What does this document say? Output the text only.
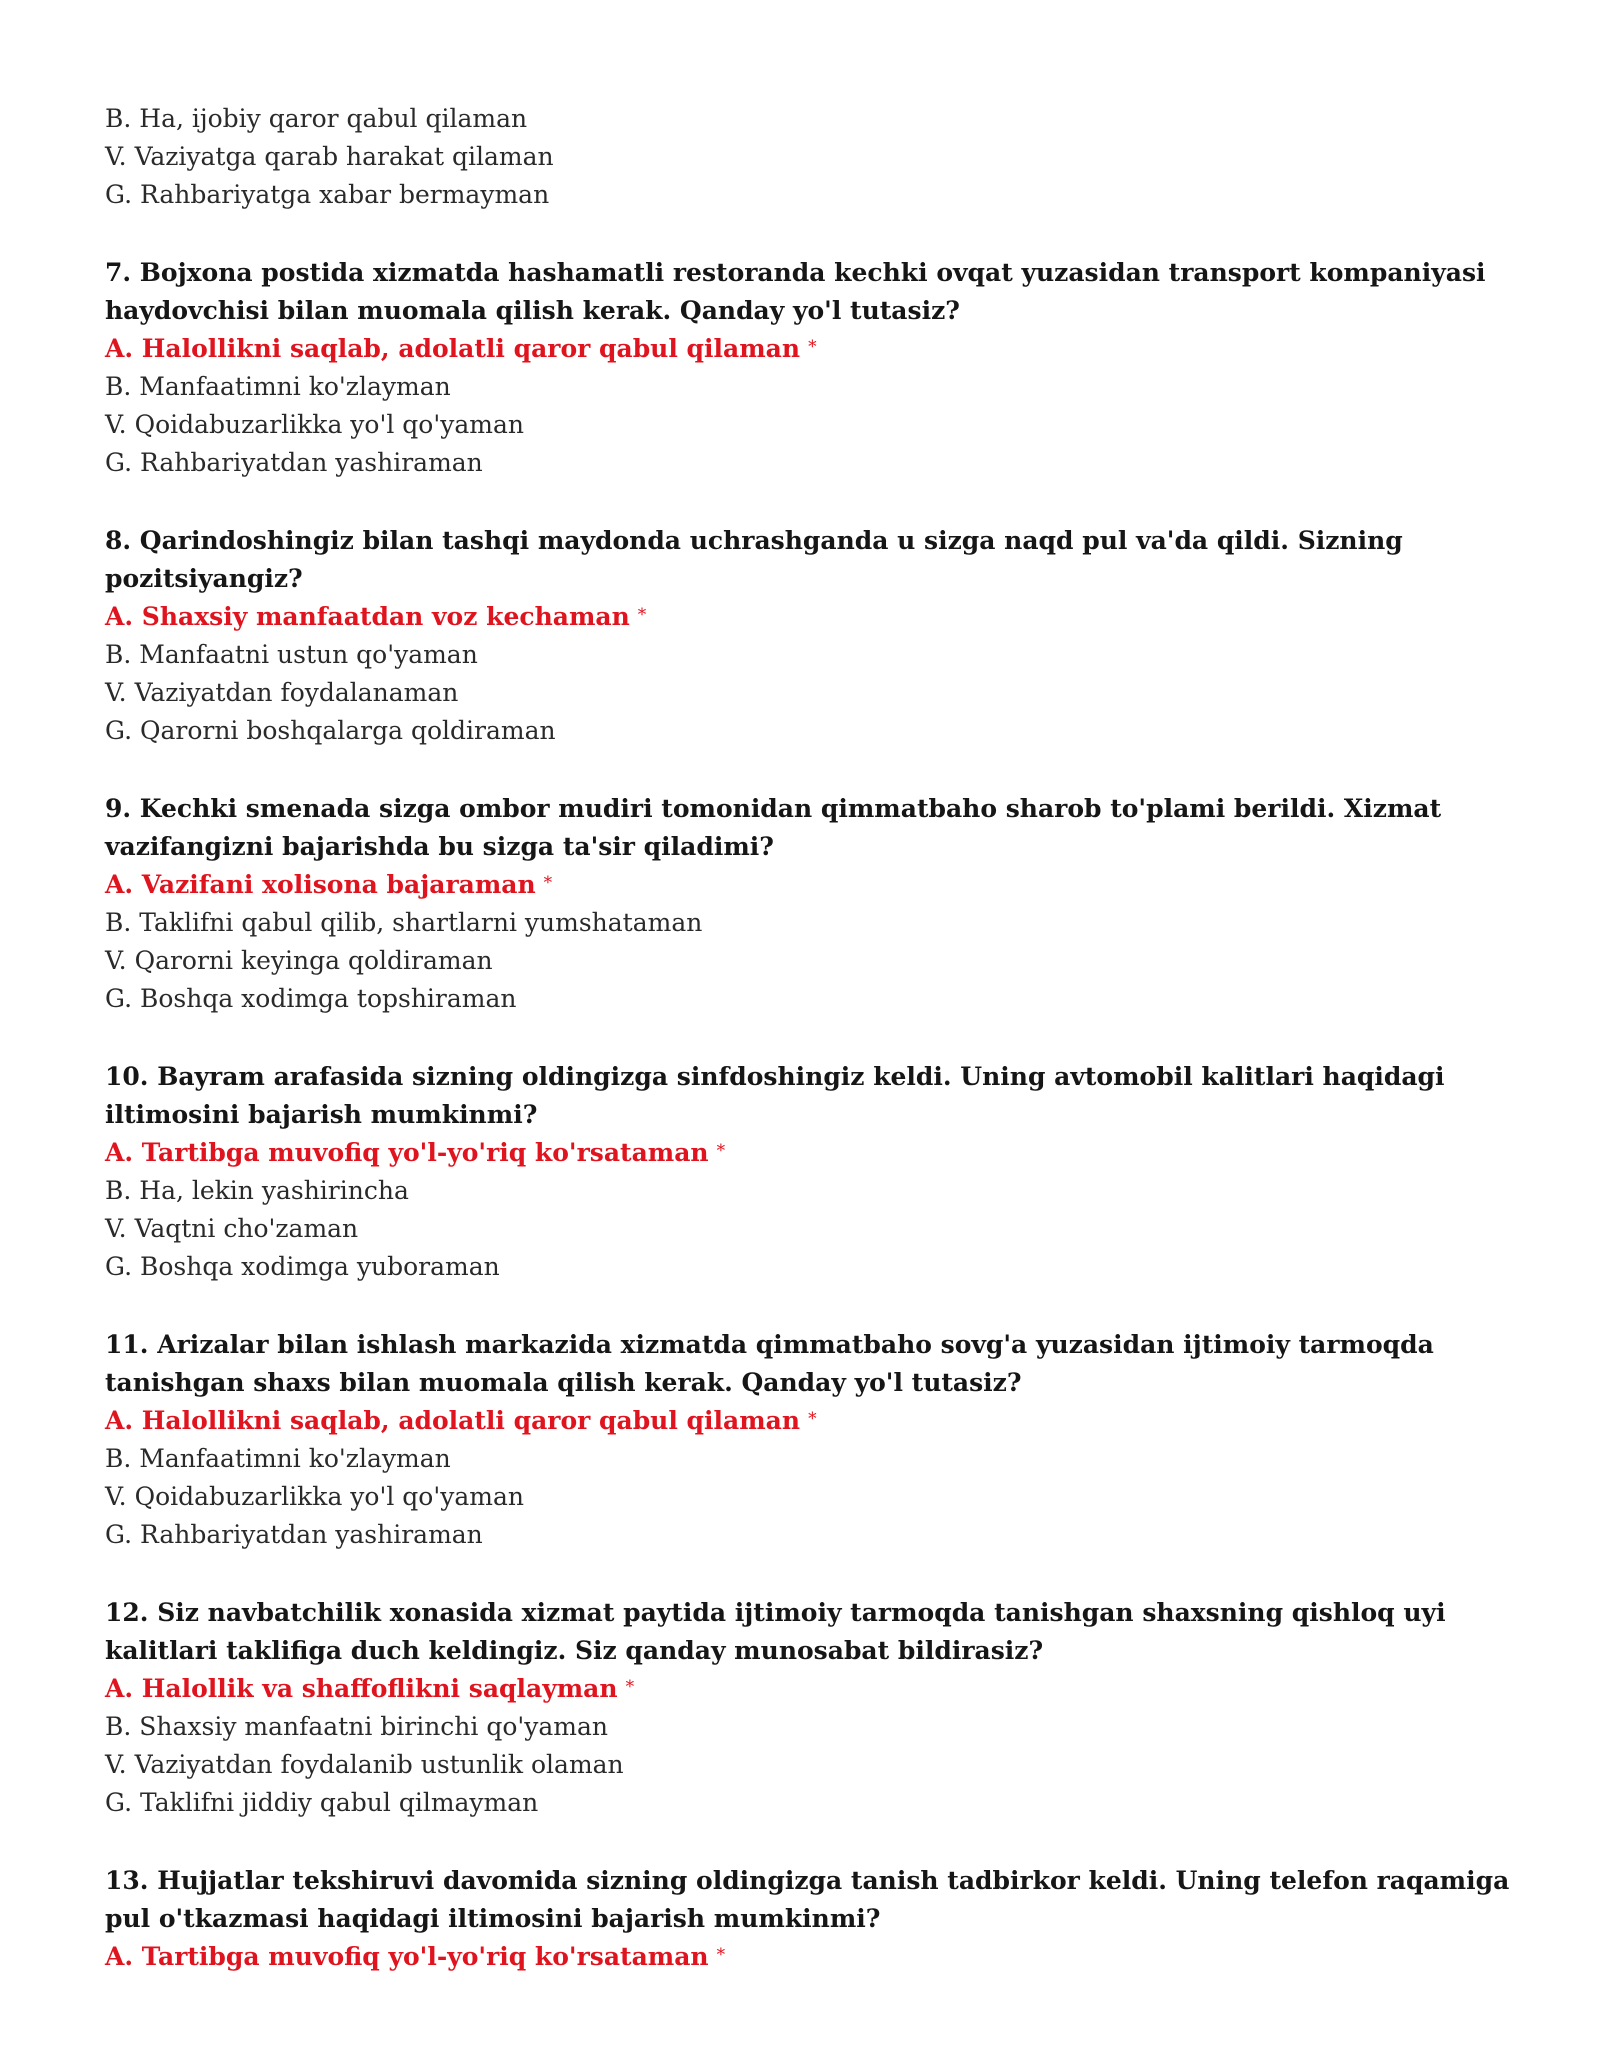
B. Ha, ijobiy qaror qabul qilaman
V. Vaziyatga qarab harakat qilaman
G. Rahbariyatga xabar bermayman
7. Bojxona postida xizmatda hashamatli restoranda kechki ovqat yuzasidan transport kompaniyasi haydovchisi bilan muomala qilish kerak. Qanday yo'l tutasiz?
A. Halollikni saqlab, adolatli qaror qabul qilaman *
B. Manfaatimni ko'zlayman
V. Qoidabuzarlikka yo'l qo'yaman
G. Rahbariyatdan yashiraman
8. Qarindoshingiz bilan tashqi maydonda uchrashganda u sizga naqd pul va'da qildi. Sizning pozitsiyangiz?
A. Shaxsiy manfaatdan voz kechaman *
B. Manfaatni ustun qo'yaman
V. Vaziyatdan foydalanaman
G. Qarorni boshqalarga qoldiraman
9. Kechki smenada sizga ombor mudiri tomonidan qimmatbaho sharob to'plami berildi. Xizmat vazifangizni bajarishda bu sizga ta'sir qiladimi?
A. Vazifani xolisona bajaraman *
B. Taklifni qabul qilib, shartlarni yumshataman
V. Qarorni keyinga qoldiraman
G. Boshqa xodimga topshiraman
10. Bayram arafasida sizning oldingizga sinfdoshingiz keldi. Uning avtomobil kalitlari haqidagi iltimosini bajarish mumkinmi?
A. Tartibga muvofiq yo'l-yo'riq ko'rsataman *
B. Ha, lekin yashirincha
V. Vaqtni cho'zaman
G. Boshqa xodimga yuboraman
11. Arizalar bilan ishlash markazida xizmatda qimmatbaho sovg'a yuzasidan ijtimoiy tarmoqda tanishgan shaxs bilan muomala qilish kerak. Qanday yo'l tutasiz?
A. Halollikni saqlab, adolatli qaror qabul qilaman *
B. Manfaatimni ko'zlayman
V. Qoidabuzarlikka yo'l qo'yaman
G. Rahbariyatdan yashiraman
12. Siz navbatchilik xonasida xizmat paytida ijtimoiy tarmoqda tanishgan shaxsning qishloq uyi kalitlari taklifiga duch keldingiz. Siz qanday munosabat bildirasiz?
A. Halollik va shaffoflikni saqlayman *
B. Shaxsiy manfaatni birinchi qo'yaman
V. Vaziyatdan foydalanib ustunlik olaman
G. Taklifni jiddiy qabul qilmayman
13. Hujjatlar tekshiruvi davomida sizning oldingizga tanish tadbirkor keldi. Uning telefon raqamiga pul o'tkazmasi haqidagi iltimosini bajarish mumkinmi?
A. Tartibga muvofiq yo'l-yo'riq ko'rsataman *
